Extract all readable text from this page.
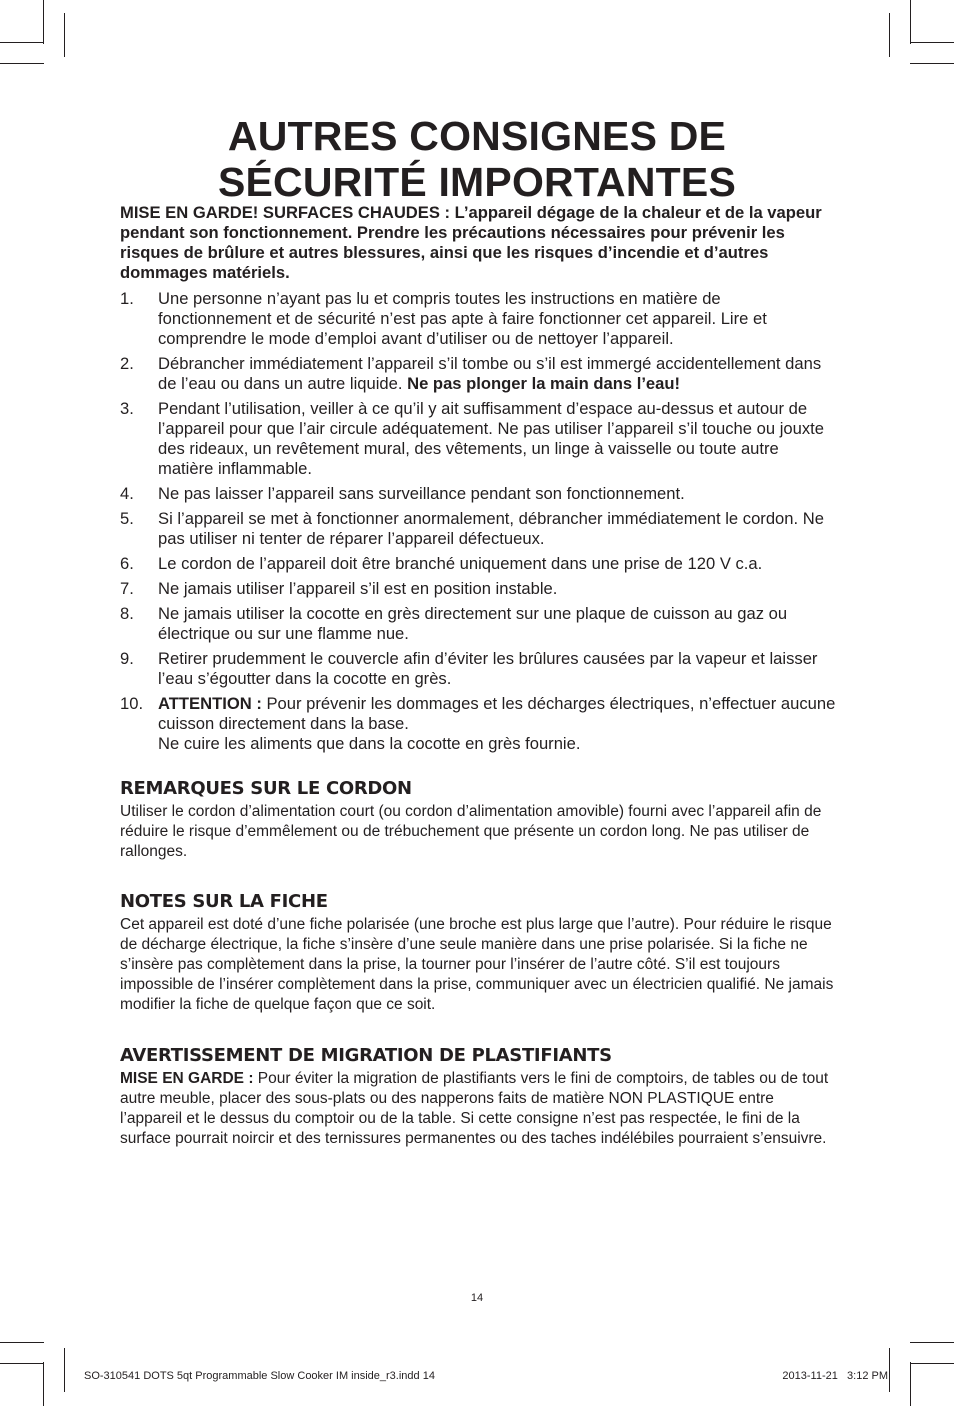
AUTRES CONSIGNES DE
SÉCURITÉ IMPORTANTES

MISE EN GARDE! SURFACES CHAUDES : L’appareil dégage de la chaleur et de la vapeur pendant son fonctionnement. Prendre les précautions nécessaires pour prévenir les risques de brûlure et autres blessures, ainsi que les risques d’incendie et d’autres dommages matériels.

1. Une personne n’ayant pas lu et compris toutes les instructions en matière de fonctionnement et de sécurité n’est pas apte à faire fonctionner cet appareil. Lire et comprendre le mode d’emploi avant d’utiliser ou de nettoyer l’appareil.
2. Débrancher immédiatement l’appareil s’il tombe ou s’il est immergé accidentellement dans de l’eau ou dans un autre liquide. Ne pas plonger la main dans l’eau!
3. Pendant l’utilisation, veiller à ce qu’il y ait suffisamment d’espace au-dessus et autour de l’appareil pour que l’air circule adéquatement. Ne pas utiliser l’appareil s’il touche ou jouxte des rideaux, un revêtement mural, des vêtements, un linge à vaisselle ou toute autre matière inflammable.
4. Ne pas laisser l’appareil sans surveillance pendant son fonctionnement.
5. Si l’appareil se met à fonctionner anormalement, débrancher immédiatement le cordon. Ne pas utiliser ni tenter de réparer l’appareil défectueux.
6. Le cordon de l’appareil doit être branché uniquement dans une prise de 120 V c.a.
7. Ne jamais utiliser l’appareil s’il est en position instable.
8. Ne jamais utiliser la cocotte en grès directement sur une plaque de cuisson au gaz ou électrique ou sur une flamme nue.
9. Retirer prudemment le couvercle afin d’éviter les brûlures causées par la vapeur et laisser l’eau s’égoutter dans la cocotte en grès.
10. ATTENTION : Pour prévenir les dommages et les décharges électriques, n’effectuer aucune cuisson directement dans la base.
Ne cuire les aliments que dans la cocotte en grès fournie.
REMARQUES SUR LE CORDON

Utiliser le cordon d’alimentation court (ou cordon d’alimentation amovible) fourni avec l’appareil afin de réduire le risque d’emmêlement ou de trébuchement que présente un cordon long. Ne pas utiliser de rallonges.

NOTES SUR LA FICHE

Cet appareil est doté d’une fiche polarisée (une broche est plus large que l’autre). Pour réduire le risque de décharge électrique, la fiche s’insère d’une seule manière dans une prise polarisée. Si la fiche ne s’insère pas complètement dans la prise, la tourner pour l’insérer de l’autre côté. S’il est toujours impossible de l’insérer complètement dans la prise, communiquer avec un électricien qualifié. Ne jamais modifier la fiche de quelque façon que ce soit.

AVERTISSEMENT DE MIGRATION DE PLASTIFIANTS

MISE EN GARDE : Pour éviter la migration de plastifiants vers le fini de comptoirs, de tables ou de tout autre meuble, placer des sous-plats ou des napperons faits de matière NON PLASTIQUE entre l’appareil et le dessus du comptoir ou de la table. Si cette consigne n’est pas respectée, le fini de la surface pourrait noircir et des ternissures permanentes ou des taches indélébiles pourraient s’ensuivre.

14
SO-310541 DOTS 5qt Programmable Slow Cooker IM inside_r3.indd 14	2013-11-21   3:12 PM
